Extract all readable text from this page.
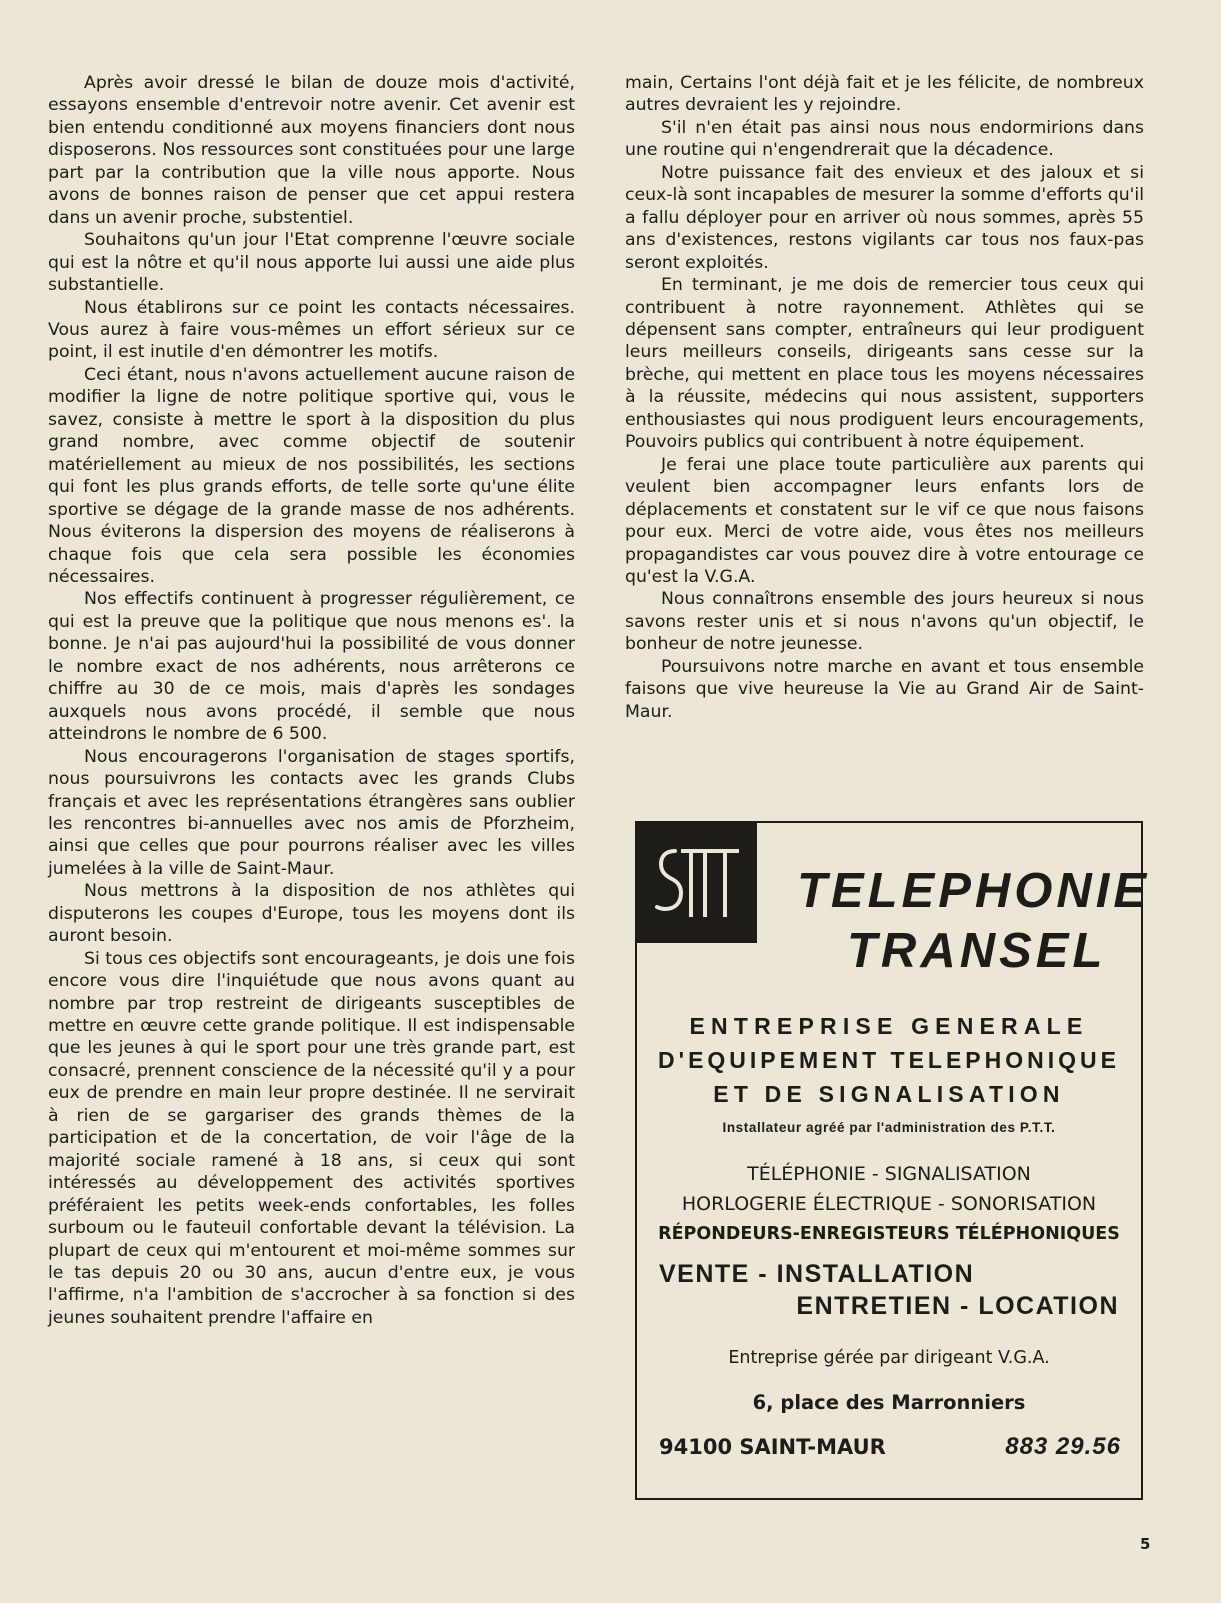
Après avoir dressé le bilan de douze mois d'activité, essayons ensemble d'entrevoir notre avenir. Cet avenir est bien entendu conditionné aux moyens financiers dont nous disposerons. Nos ressources sont constituées pour une large part par la contribution que la ville nous apporte. Nous avons de bonnes raison de penser que cet appui restera dans un avenir proche, substentiel.

Souhaitons qu'un jour l'Etat comprenne l'œuvre sociale qui est la nôtre et qu'il nous apporte lui aussi une aide plus substantielle.

Nous établirons sur ce point les contacts nécessaires. Vous aurez à faire vous-mêmes un effort sérieux sur ce point, il est inutile d'en démontrer les motifs.

Ceci étant, nous n'avons actuellement aucune raison de modifier la ligne de notre politique sportive qui, vous le savez, consiste à mettre le sport à la disposition du plus grand nombre, avec comme objectif de soutenir matériellement au mieux de nos possibilités, les sections qui font les plus grands efforts, de telle sorte qu'une élite sportive se dégage de la grande masse de nos adhérents. Nous éviterons la dispersion des moyens de réaliserons à chaque fois que cela sera possible les économies nécessaires.

Nos effectifs continuent à progresser régulièrement, ce qui est la preuve que la politique que nous menons es'. la bonne. Je n'ai pas aujourd'hui la possibilité de vous donner le nombre exact de nos adhérents, nous arrêterons ce chiffre au 30 de ce mois, mais d'après les sondages auxquels nous avons procédé, il semble que nous atteindrons le nombre de 6 500.

Nous encouragerons l'organisation de stages sportifs, nous poursuivrons les contacts avec les grands Clubs français et avec les représentations étrangères sans oublier les rencontres bi-annuelles avec nos amis de Pforzheim, ainsi que celles que pour pourrons réaliser avec les villes jumelées à la ville de Saint-Maur.

Nous mettrons à la disposition de nos athlètes qui disputerons les coupes d'Europe, tous les moyens dont ils auront besoin.

Si tous ces objectifs sont encourageants, je dois une fois encore vous dire l'inquiétude que nous avons quant au nombre par trop restreint de dirigeants susceptibles de mettre en œuvre cette grande politique. Il est indispensable que les jeunes à qui le sport pour une très grande part, est consacré, prennent conscience de la nécessité qu'il y a pour eux de prendre en main leur propre destinée. Il ne servirait à rien de se gargariser des grands thèmes de la participation et de la concertation, de voir l'âge de la majorité sociale ramené à 18 ans, si ceux qui sont intéressés au développement des activités sportives préféraient les petits week-ends confortables, les folles surboum ou le fauteuil confortable devant la télévision. La plupart de ceux qui m'entourent et moi-même sommes sur le tas depuis 20 ou 30 ans, aucun d'entre eux, je vous l'affirme, n'a l'ambition de s'accrocher à sa fonction si des jeunes souhaitent prendre l'affaire en

main, Certains l'ont déjà fait et je les félicite, de nombreux autres devraient les y rejoindre.

S'il n'en était pas ainsi nous nous endormirions dans une routine qui n'engendrerait que la décadence.

Notre puissance fait des envieux et des jaloux et si ceux-là sont incapables de mesurer la somme d'efforts qu'il a fallu déployer pour en arriver où nous sommes, après 55 ans d'existences, restons vigilants car tous nos faux-pas seront exploités.

En terminant, je me dois de remercier tous ceux qui contribuent à notre rayonnement. Athlètes qui se dépensent sans compter, entraîneurs qui leur prodiguent leurs meilleurs conseils, dirigeants sans cesse sur la brèche, qui mettent en place tous les moyens nécessaires à la réussite, médecins qui nous assistent, supporters enthousiastes qui nous prodiguent leurs encouragements, Pouvoirs publics qui contribuent à notre équipement.

Je ferai une place toute particulière aux parents qui veulent bien accompagner leurs enfants lors de déplacements et constatent sur le vif ce que nous faisons pour eux. Merci de votre aide, vous êtes nos meilleurs propagandistes car vous pouvez dire à votre entourage ce qu'est la V.G.A.

Nous connaîtrons ensemble des jours heureux si nous savons rester unis et si nous n'avons qu'un objectif, le bonheur de notre jeunesse.

Poursuivons notre marche en avant et tous ensemble faisons que vive heureuse la Vie au Grand Air de Saint-Maur.

TELEPHONIE
TRANSEL
ENTREPRISE GENERALE
D'EQUIPEMENT TELEPHONIQUE
ET DE SIGNALISATION
Installateur agréé par l'administration des P.T.T.
TÉLÉPHONIE - SIGNALISATION
HORLOGERIE ÉLECTRIQUE - SONORISATION
RÉPONDEURS-ENREGISTEURS TÉLÉPHONIQUES
VENTE - INSTALLATION
ENTRETIEN - LOCATION
Entreprise gérée par dirigeant V.G.A.
6, place des Marronniers
94100 SAINT-MAUR	883 29.56
5
